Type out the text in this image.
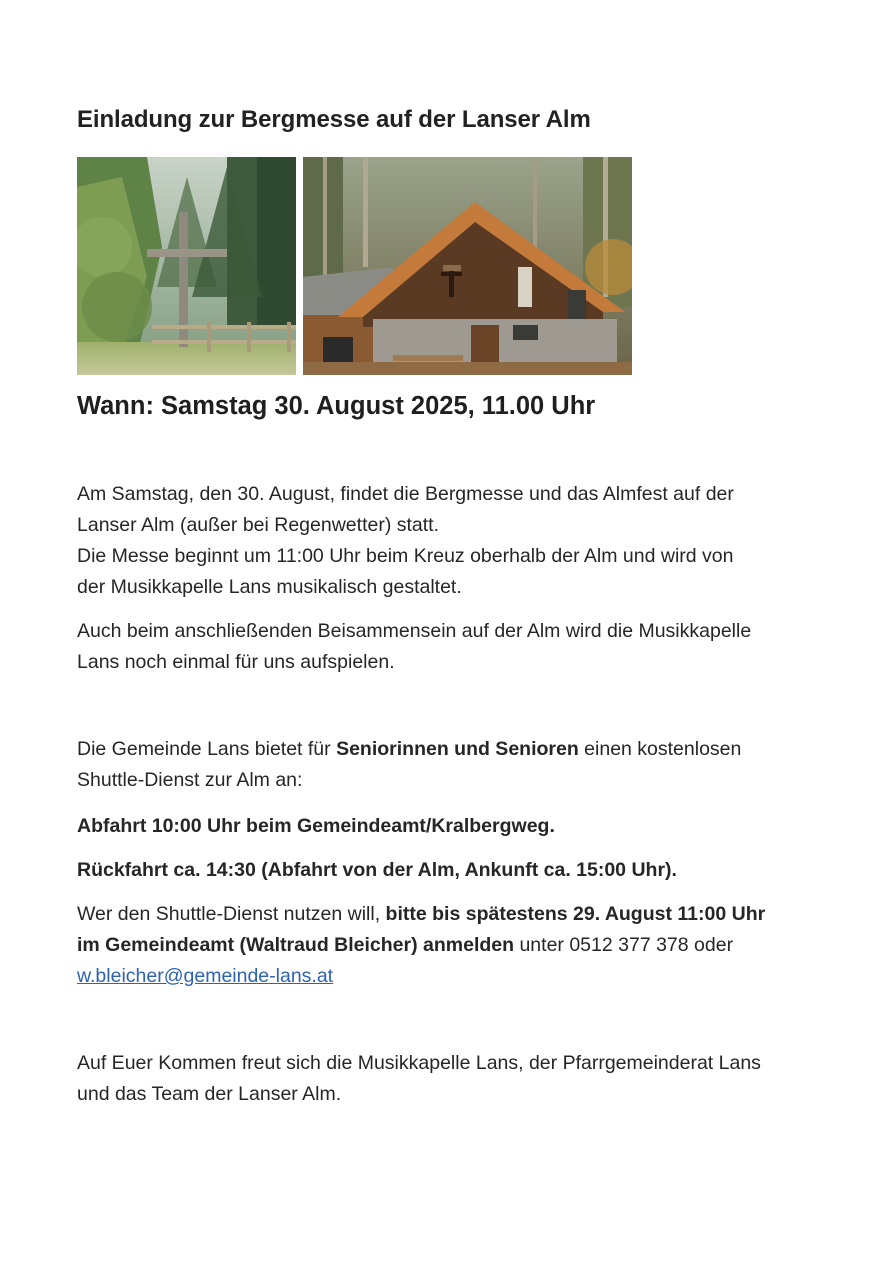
Einladung zur Bergmesse auf der Lanser Alm
Wann: Samstag 30. August 2025, 11.00 Uhr

Am Samstag, den 30. August, findet die Bergmesse und das Almfest auf der

Lanser Alm (außer bei Regenwetter) statt.

Die Messe beginnt um 11:00 Uhr beim Kreuz oberhalb der Alm und wird von

der Musikkapelle Lans musikalisch gestaltet.

Auch beim anschließenden Beisammensein auf der Alm wird die Musikkapelle

Lans noch einmal für uns aufspielen.

Die Gemeinde Lans bietet für Seniorinnen und Senioren einen kostenlosen

Shuttle-Dienst zur Alm an:

Abfahrt 10:00 Uhr beim Gemeindeamt/Kralbergweg.
Rückfahrt ca. 14:30 (Abfahrt von der Alm, Ankunft ca. 15:00 Uhr).

Wer den Shuttle-Dienst nutzen will, bitte bis spätestens 29. August 11:00 Uhr

im Gemeindeamt (Waltraud Bleicher) anmelden unter 0512 377 378 oder

w.bleicher@gemeinde-lans.at

Auf Euer Kommen freut sich die Musikkapelle Lans, der Pfarrgemeinderat Lans

und das Team der Lanser Alm.
